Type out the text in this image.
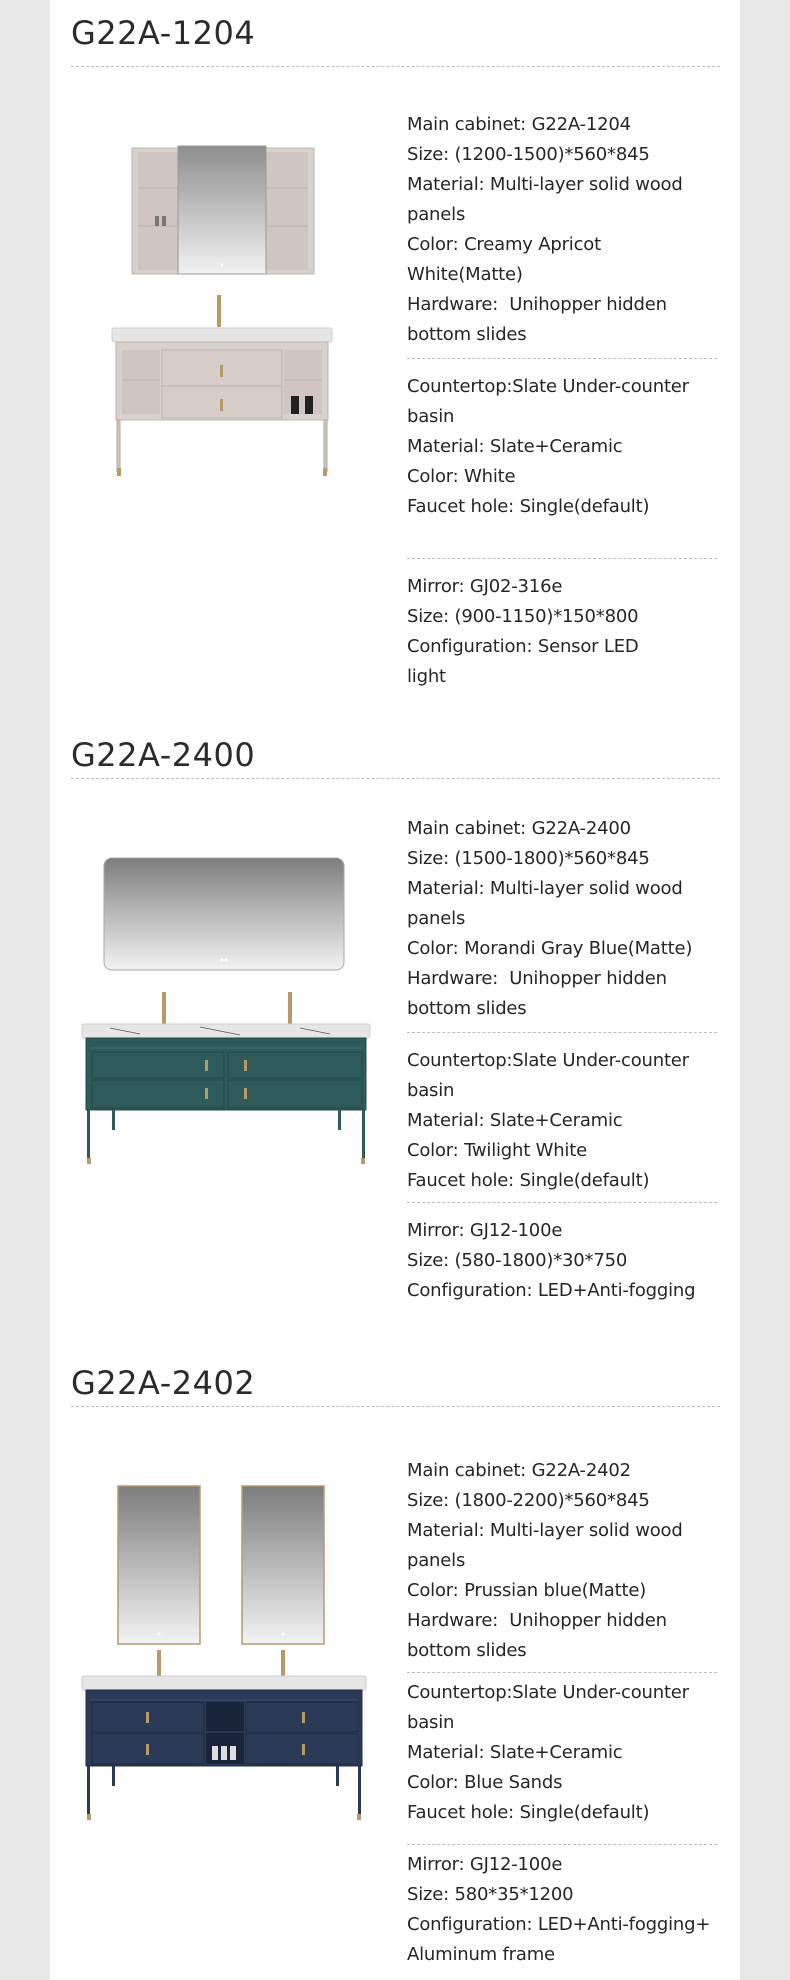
G22A-1204
Main cabinet: G22A-1204
Size: (1200-1500)*560*845
Material: Multi-layer solid wood
panels
Color: Creamy Apricot
White(Matte)
Hardware:  Unihopper hidden
bottom slides
Countertop:Slate Under-counter
basin
Material: Slate+Ceramic
Color: White
Faucet hole: Single(default)
Mirror: GJ02-316e
Size: (900-1150)*150*800
Configuration: Sensor LED
light
G22A-2400
Main cabinet: G22A-2400
Size: (1500-1800)*560*845
Material: Multi-layer solid wood
panels
Color: Morandi Gray Blue(Matte)
Hardware:  Unihopper hidden
bottom slides
Countertop:Slate Under-counter
basin
Material: Slate+Ceramic
Color: Twilight White
Faucet hole: Single(default)
Mirror: GJ12-100e
Size: (580-1800)*30*750
Configuration: LED+Anti-fogging
G22A-2402
Main cabinet: G22A-2402
Size: (1800-2200)*560*845
Material: Multi-layer solid wood
panels
Color: Prussian blue(Matte)
Hardware:  Unihopper hidden
bottom slides
Countertop:Slate Under-counter
basin
Material: Slate+Ceramic
Color: Blue Sands
Faucet hole: Single(default)
Mirror: GJ12-100e
Size: 580*35*1200
Configuration: LED+Anti-fogging+
Aluminum frame
